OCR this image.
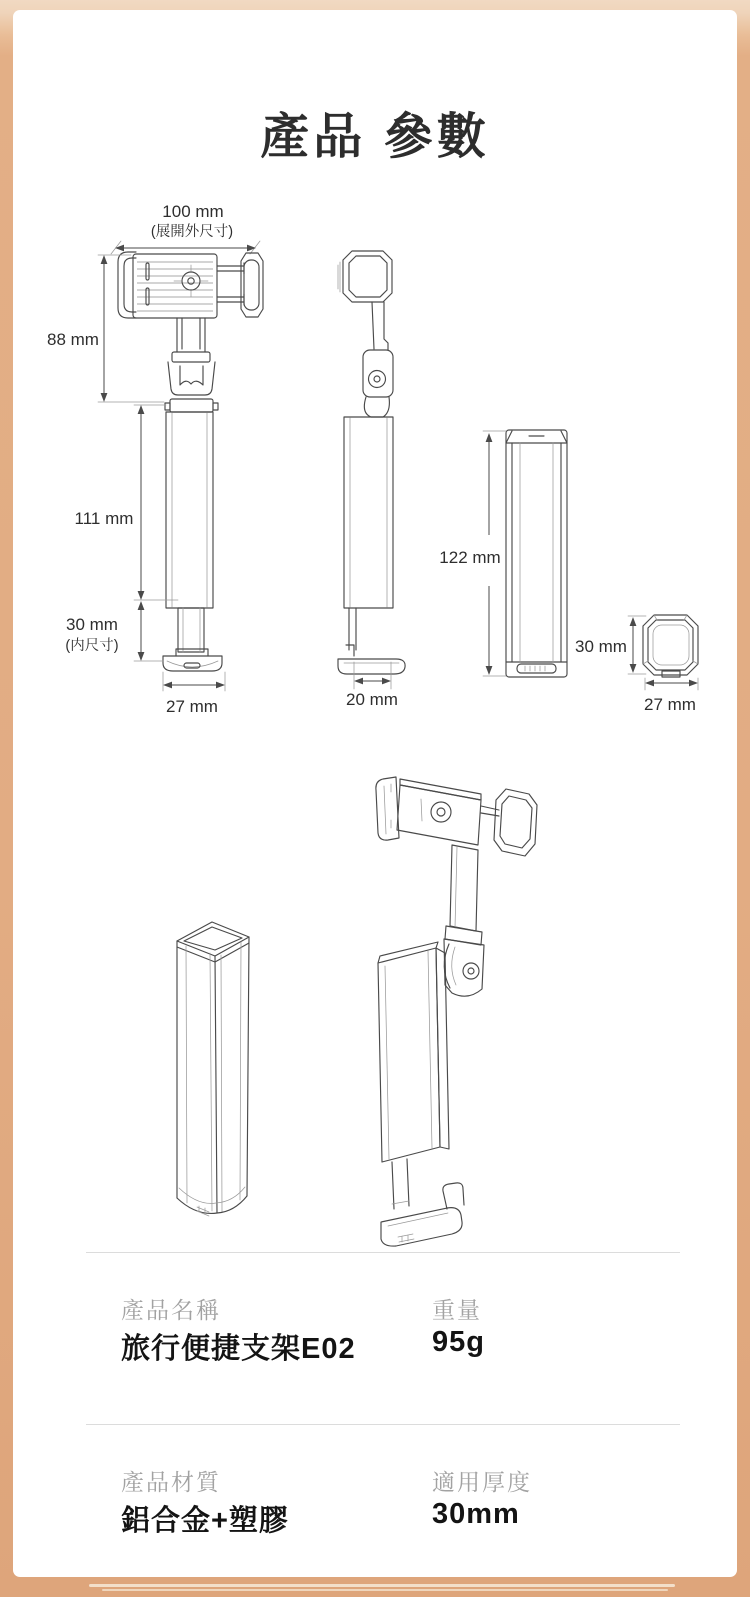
產品 參數
100 mm
(展開外尺寸)
88 mm
111 mm
30 mm
(内尺寸)
27 mm	20 mm
122 mm
30 mm
27 mm
產品名稱	重量
旅行便捷支架E02	95g
產品材質	適用厚度
鋁合金+塑膠	30mm
